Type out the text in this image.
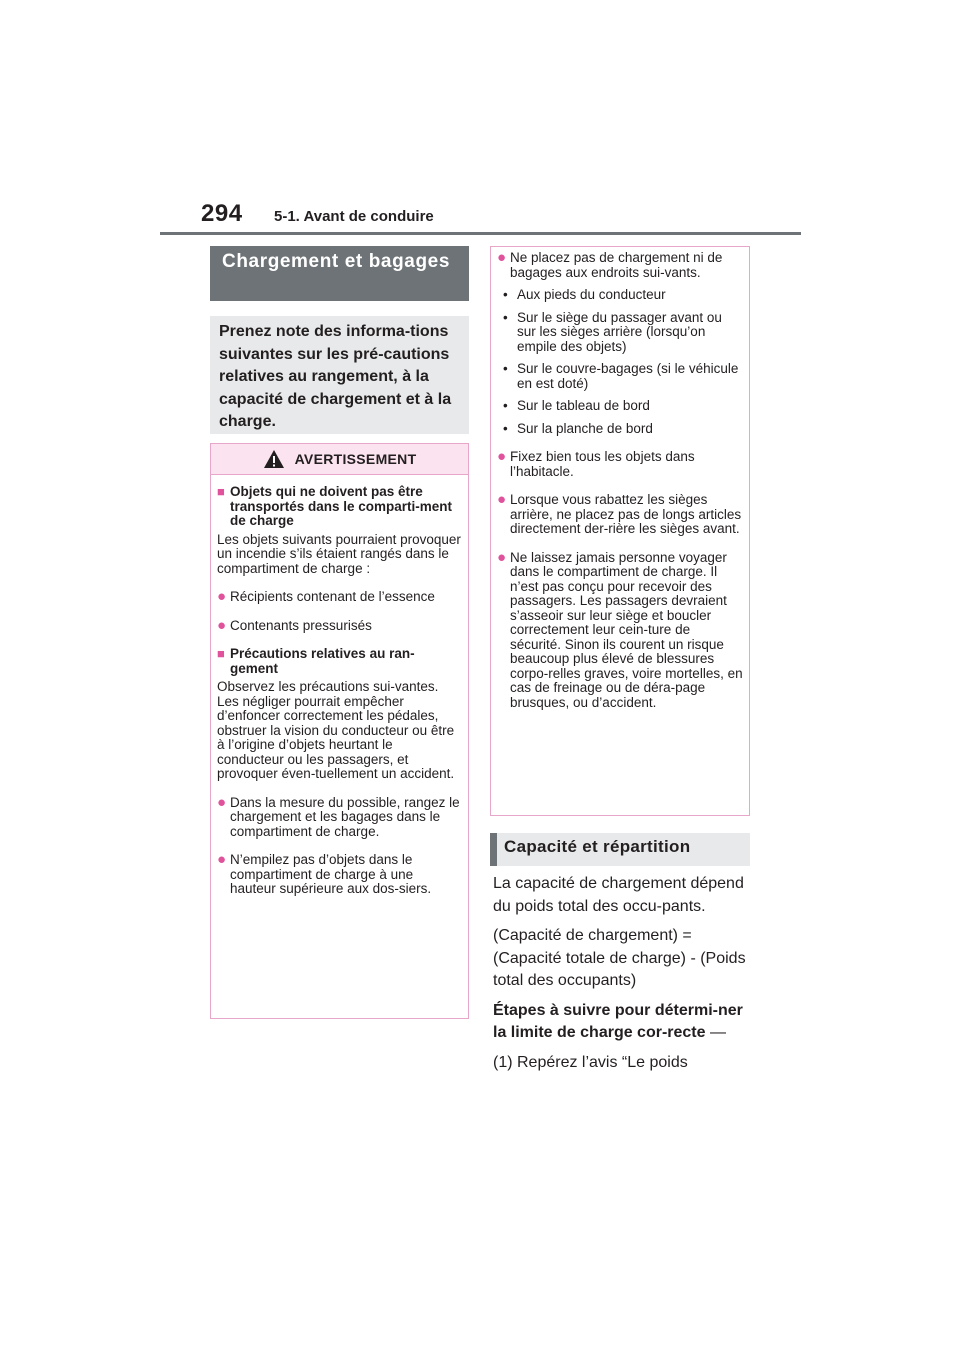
294 5-1. Avant de conduire
Chargement et bagages
Prenez note des informa-tions suivantes sur les pré-cautions relatives au rangement, à la capacité de chargement et à la charge.
AVERTISSEMENT
■ Objets qui ne doivent pas être transportés dans le comparti-ment de charge
Les objets suivants pourraient provoquer un incendie s’ils étaient rangés dans le compartiment de charge :
● Récipients contenant de l’essence
● Contenants pressurisés
■ Précautions relatives au ran-gement
Observez les précautions sui-vantes. Les négliger pourrait empêcher d’enfoncer correctement les pédales, obstruer la vision du conducteur ou être à l’origine d’objets heurtant le conducteur ou les passagers, et provoquer éven-tuellement un accident.
● Dans la mesure du possible, rangez le chargement et les bagages dans le compartiment de charge.
● N’empilez pas d’objets dans le compartiment de charge à une hauteur supérieure aux dos-siers.
● Ne placez pas de chargement ni de bagages aux endroits sui-vants.
• Aux pieds du conducteur
• Sur le siège du passager avant ou sur les sièges arrière (lorsqu’on empile des objets)
• Sur le couvre-bagages (si le véhicule en est doté)
• Sur le tableau de bord
• Sur la planche de bord
● Fixez bien tous les objets dans l’habitacle.
● Lorsque vous rabattez les sièges arrière, ne placez pas de longs articles directement der-rière les sièges avant.
● Ne laissez jamais personne voyager dans le compartiment de charge. Il n’est pas conçu pour recevoir des passagers. Les passagers devraient s’asseoir sur leur siège et boucler correctement leur cein-ture de sécurité. Sinon ils courent un risque beaucoup plus élevé de blessures corpo-relles graves, voire mortelles, en cas de freinage ou de déra-page brusques, ou d’accident.
Capacité et répartition

La capacité de chargement dépend du poids total des occu-pants.

(Capacité de chargement) = (Capacité totale de charge) - (Poids total des occupants)

Étapes à suivre pour détermi-ner la limite de charge cor-recte —

(1) Repérez l’avis “Le poids
